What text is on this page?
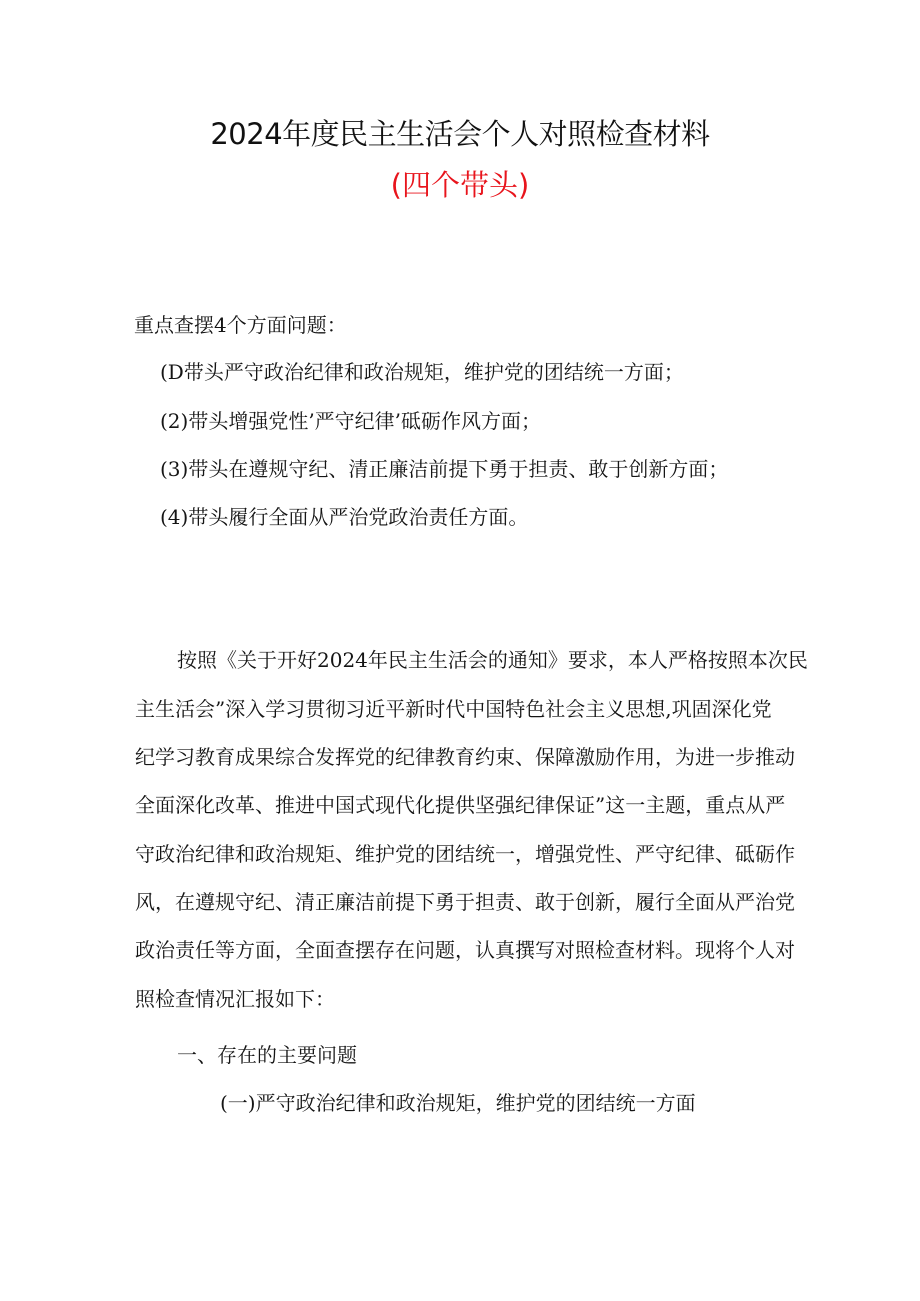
2024年度民主生活会个人对照检查材料
(四个带头)
重点查摆4个方面问题：
(D带头严守政治纪律和政治规矩，维护党的团结统一方面；
(2)带头增强党性’严守纪律’砥砺作风方面；
(3)带头在遵规守纪、清正廉洁前提下勇于担责、敢于创新方面；
(4)带头履行全面从严治党政治责任方面。
按照《关于开好2024年民主生活会的通知》要求，本人严格按照本次民
主生活会”深入学习贯彻习近平新时代中国特色社会主义思想,巩固深化党
纪学习教育成果综合发挥党的纪律教育约束、保障激励作用，为进一步推动
全面深化改革、推进中国式现代化提供坚强纪律保证”这一主题，重点从严
守政治纪律和政治规矩、维护党的团结统一，增强党性、严守纪律、砥砺作
风，在遵规守纪、清正廉洁前提下勇于担责、敢于创新，履行全面从严治党
政治责任等方面，全面查摆存在问题，认真撰写对照检查材料。现将个人对
照检查情况汇报如下：
一、存在的主要问题
(一)严守政治纪律和政治规矩，维护党的团结统一方面
